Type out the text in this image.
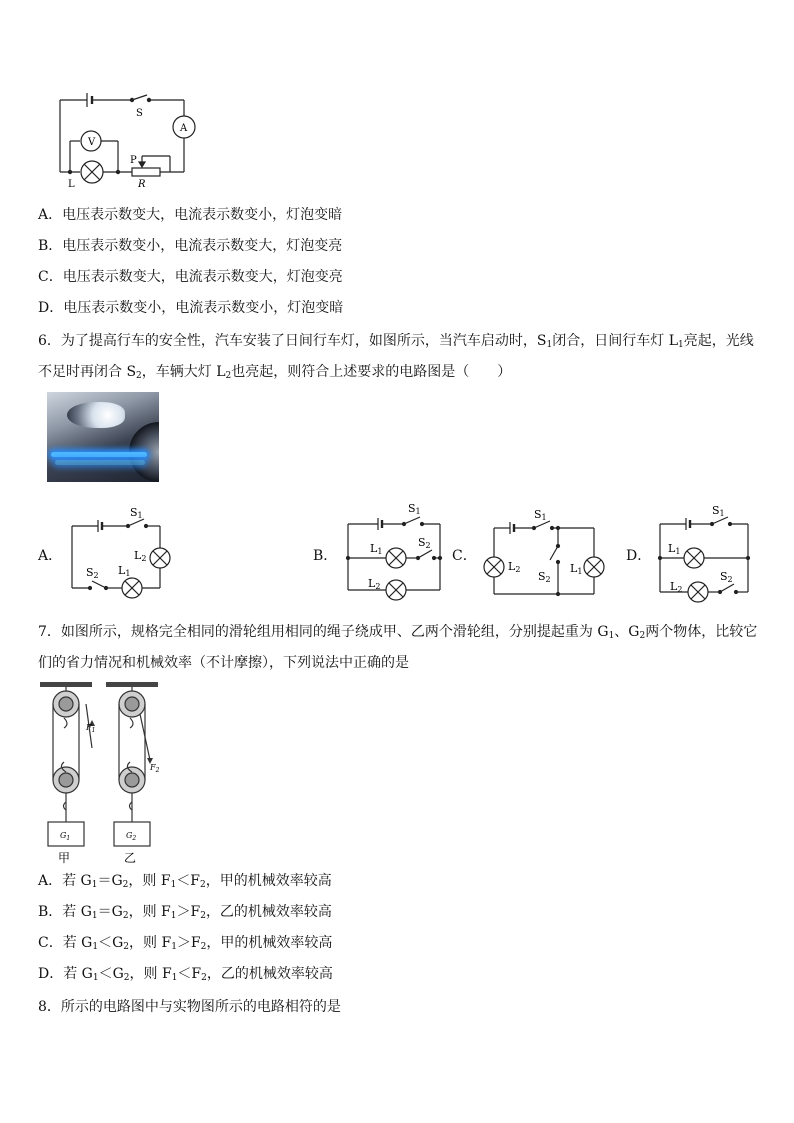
S
A
V
L
P
R
A．电压表示数变大，电流表示数变小，灯泡变暗
B．电压表示数变小，电流表示数变大，灯泡变亮
C．电压表示数变大，电流表示数变大，灯泡变亮
D．电压表示数变小，电流表示数变小，灯泡变暗
6．为了提高行车的安全性，汽车安装了日间行车灯，如图所示，当汽车启动时，$S_1$闭合，日间行车灯 $L_1$亮起，光线
不足时再闭合 $S_2$，车辆大灯 $L_2$也亮起，则符合上述要求的电路图是（　　）
A．	B．	C．	D．
S1
L2
L1
S2
S1
L1
S2
L2
S1
L2
S2
L1
S1
L1
L2
S2
7．如图所示，规格完全相同的滑轮组用相同的绳子绕成甲、乙两个滑轮组，分别提起重为 $G_1$、$G_2$两个物体，比较它
们的省力情况和机械效率（不计摩擦），下列说法中正确的是
$F_1$
$F_2$
$G_1$	$G_2$
甲	乙
A．若 $G_1=G_2$，则 $F_1<F_2$，甲的机械效率较高
B．若 $G_1=G_2$，则 $F_1>F_2$，乙的机械效率较高
C．若 $G_1<G_2$，则 $F_1>F_2$，甲的机械效率较高
D．若 $G_1<G_2$，则 $F_1<F_2$，乙的机械效率较高
8．所示的电路图中与实物图所示的电路相符的是
